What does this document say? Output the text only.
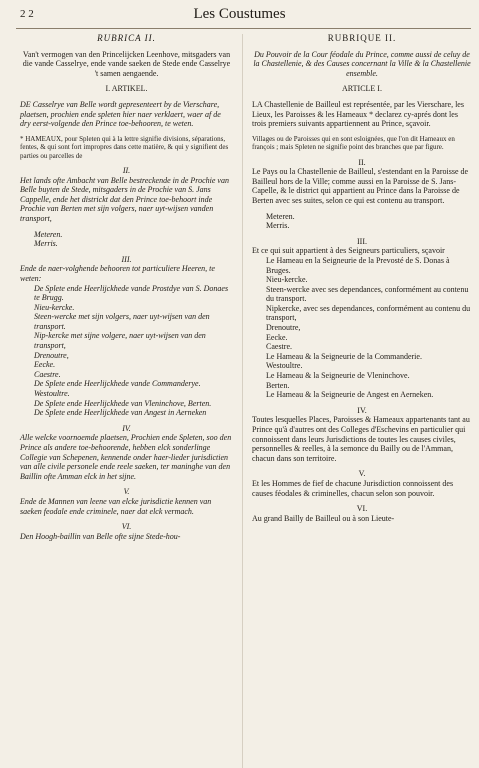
2 2	Les Coustumes
RUBRICA II.
Van't vermogen van den Princelijcken Leenhove, mitsgaders van die vande Casselrye, ende vande saeken de Stede ende Casselrye 't samen aengaende.
I. ARTIKEL.
DE Casselrye van Belle wordt gepresenteert by de Vierschare, plaetsen, prochien ende spleten hier naer verklaert, waer af de dry eerst-volgende den Prince toe-behooren, te weten.
* HAMEAUX, pour Spleten qui à la lettre signifie divisions, séparations, fentes, & qui sont fort impropres dans cette matière, & qui y signifient des parties ou parcelles de
II.
Het lands ofte Ambacht van Belle bestreckende in de Prochie van Belle buyten de Stede, mitsgaders in de Prochie van S. Jans Cappelle, ende het districkt dat den Prince toe-behoort inde Prochie van Berten met sijn volgers, naer uyt-wijsen vanden transport,
Meteren.
Merris.
III.
Ende de naer-volghende behooren tot particuliere Heeren, te weten:
De Splete ende Heerlijckhede vande Prostdye van S. Donaes te Brugg.
Nieu-kercke.
Steen-wercke met sijn volgers, naer uyt-wijsen van den transport.
Nip-kercke met sijne volgere, naer uyt-wijsen van den transport,
Drenoutre,
Eecke.
Caestre.
De Splete ende Heerlijckhede vande Commanderye.
Westoultre.
De Splete ende Heerlijckhede van Vleninchove, Berten.
De Splete ende Heerlijckhede van Angest in Aerneken
IV.
Alle welcke voornoemde plaetsen, Prochien ende Spleten, soo den Prince als andere toe-behoorende, hebben elck sonderlinge Collegie van Schepenen, kennende onder haer-lieder jurisdictien van alle civile personele ende reele saeken, ter maninghe van den Baillin ofte Amman elck in het sijne.
V.
Ende de Mannen van leene van elcke jurisdictie kennen van saeken feodale ende criminele, naer dat elck vermach.
VI.
Den Hoogh-baillin van Belle ofte sijne Stede-hou-
RUBRIQUE II.
Du Pouvoir de la Cour féodale du Prince, comme aussi de celuy de la Chastellenie, & des Causes concernant la Ville & la Chastellenie ensemble.
ARTICLE I.
LA Chastellenie de Bailleul est représentée, par les Vierschare, les Lieux, les Paroisses & les Hameaux * declarez cy-aprés dont les trois premiers suivants appartiennent au Prince, sçavoir.
Villages ou de Paroisses qui en sont esloignées, que l'on dit Hameaux en françois ; mais Spleten ne signifie point des branches que par figure.
II.
Le Pays ou la Chastellenie de Bailleul, s'estendant en la Paroisse de Bailleul hors de la Ville; comme aussi en la Paroisse de S. Jans-Capelle, & le district qui appartient au Prince dans la Paroisse de Berten avec ses suites, selon ce qui est contenu au transport.
Meteren.
Merris.
III.
Et ce qui suit appartient à des Seigneurs particuliers, sçavoir
Le Hameau en la Seigneurie de la Prevosté de S. Donas à Bruges.
Nieu-kercke.
Steen-wercke avec ses dependances, conformément au contenu du transport.
Nipkercke, avec ses dependances, conformément au contenu du transport,
Drenoutre,
Eecke.
Caestre.
Le Hameau & la Seigneurie de la Commanderie.
Westoultre.
Le Hameau & la Seigneurie de Vleninchove.
Berten.
Le Hameau & la Seigneurie de Angest en Aerneken.
IV.
Toutes lesquelles Places, Paroisses & Hameaux appartenants tant au Prince qu'à d'autres ont des Colleges d'Eschevins en particulier qui connoissent dans leurs Jurisdictions de toutes les causes civiles, personnelles & reelles, à la semonce du Bailly ou de l'Amman, chacun dans son territoire.
V.
Et les Hommes de fief de chacune Jurisdiction connoissent des causes féodales & criminelles, chacun selon son pouvoir.
VI.
Au grand Bailly de Bailleul ou à son Lieute-
